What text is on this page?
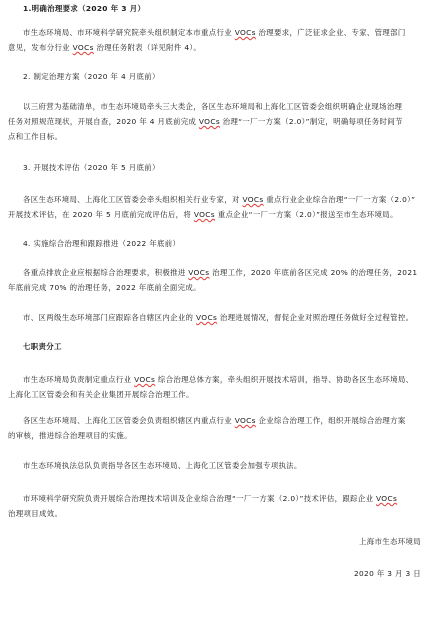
1.明确治理要求（2020 年 3 月）
市生态环境局、市环境科学研究院牵头组织制定本市重点行业 VOCs 治理要求，广泛征求企业、专家、管理部门
意见，发布分行业 VOCs 治理任务附表（详见附件 4）。
2. 制定治理方案（2020 年 4 月底前）
以三府营为基础清单，市生态环境局牵头三大类企，各区生态环境局和上海化工区管委会组织明确企业现场治理
任务对照规范现状，开展自查，2020 年 4 月底前完成 VOCs 治理“一厂一方案（2.0）”制定，明确每项任务时间节
点和工作目标。
3. 开展技术评估（2020 年 5 月底前）
各区生态环境局、上海化工区管委会牵头组织相关行业专家，对 VOCs 重点行业企业综合治理“一厂一方案（2.0）”
开展技术评估，在 2020 年 5 月底前完成评估后，将 VOCs 重点企业“一厂一方案（2.0）”报送至市生态环境局。
4. 实施综合治理和跟踪推进（2022 年底前）
各重点排放企业应根据综合治理要求，积极推进 VOCs 治理工作，2020 年底前各区完成 20% 的治理任务，2021
年底前完成 70% 的治理任务，2022 年底前全面完成。
市、区两级生态环境部门应跟踪各自辖区内企业的 VOCs 治理进展情况，督促企业对照治理任务做好全过程管控。
七职责分工
市生态环境局负责制定重点行业 VOCs 综合治理总体方案，牵头组织开展技术培训，指导、协助各区生态环境局、
上海化工区管委会和有关企业集团开展综合治理工作。
各区生态环境局、上海化工区管委会负责组织辖区内重点行业 VOCs 企业综合治理工作，组织开展综合治理方案
的审核，推进综合治理项目的实施。
市生态环境执法总队负责指导各区生态环境局、上海化工区管委会加强专项执法。
市环境科学研究院负责开展综合治理技术培训及企业综合治理“一厂一方案（2.0）”技术评估，跟踪企业 VOCs
治理项目成效。
上海市生态环境局
2020 年 3 月 3 日
